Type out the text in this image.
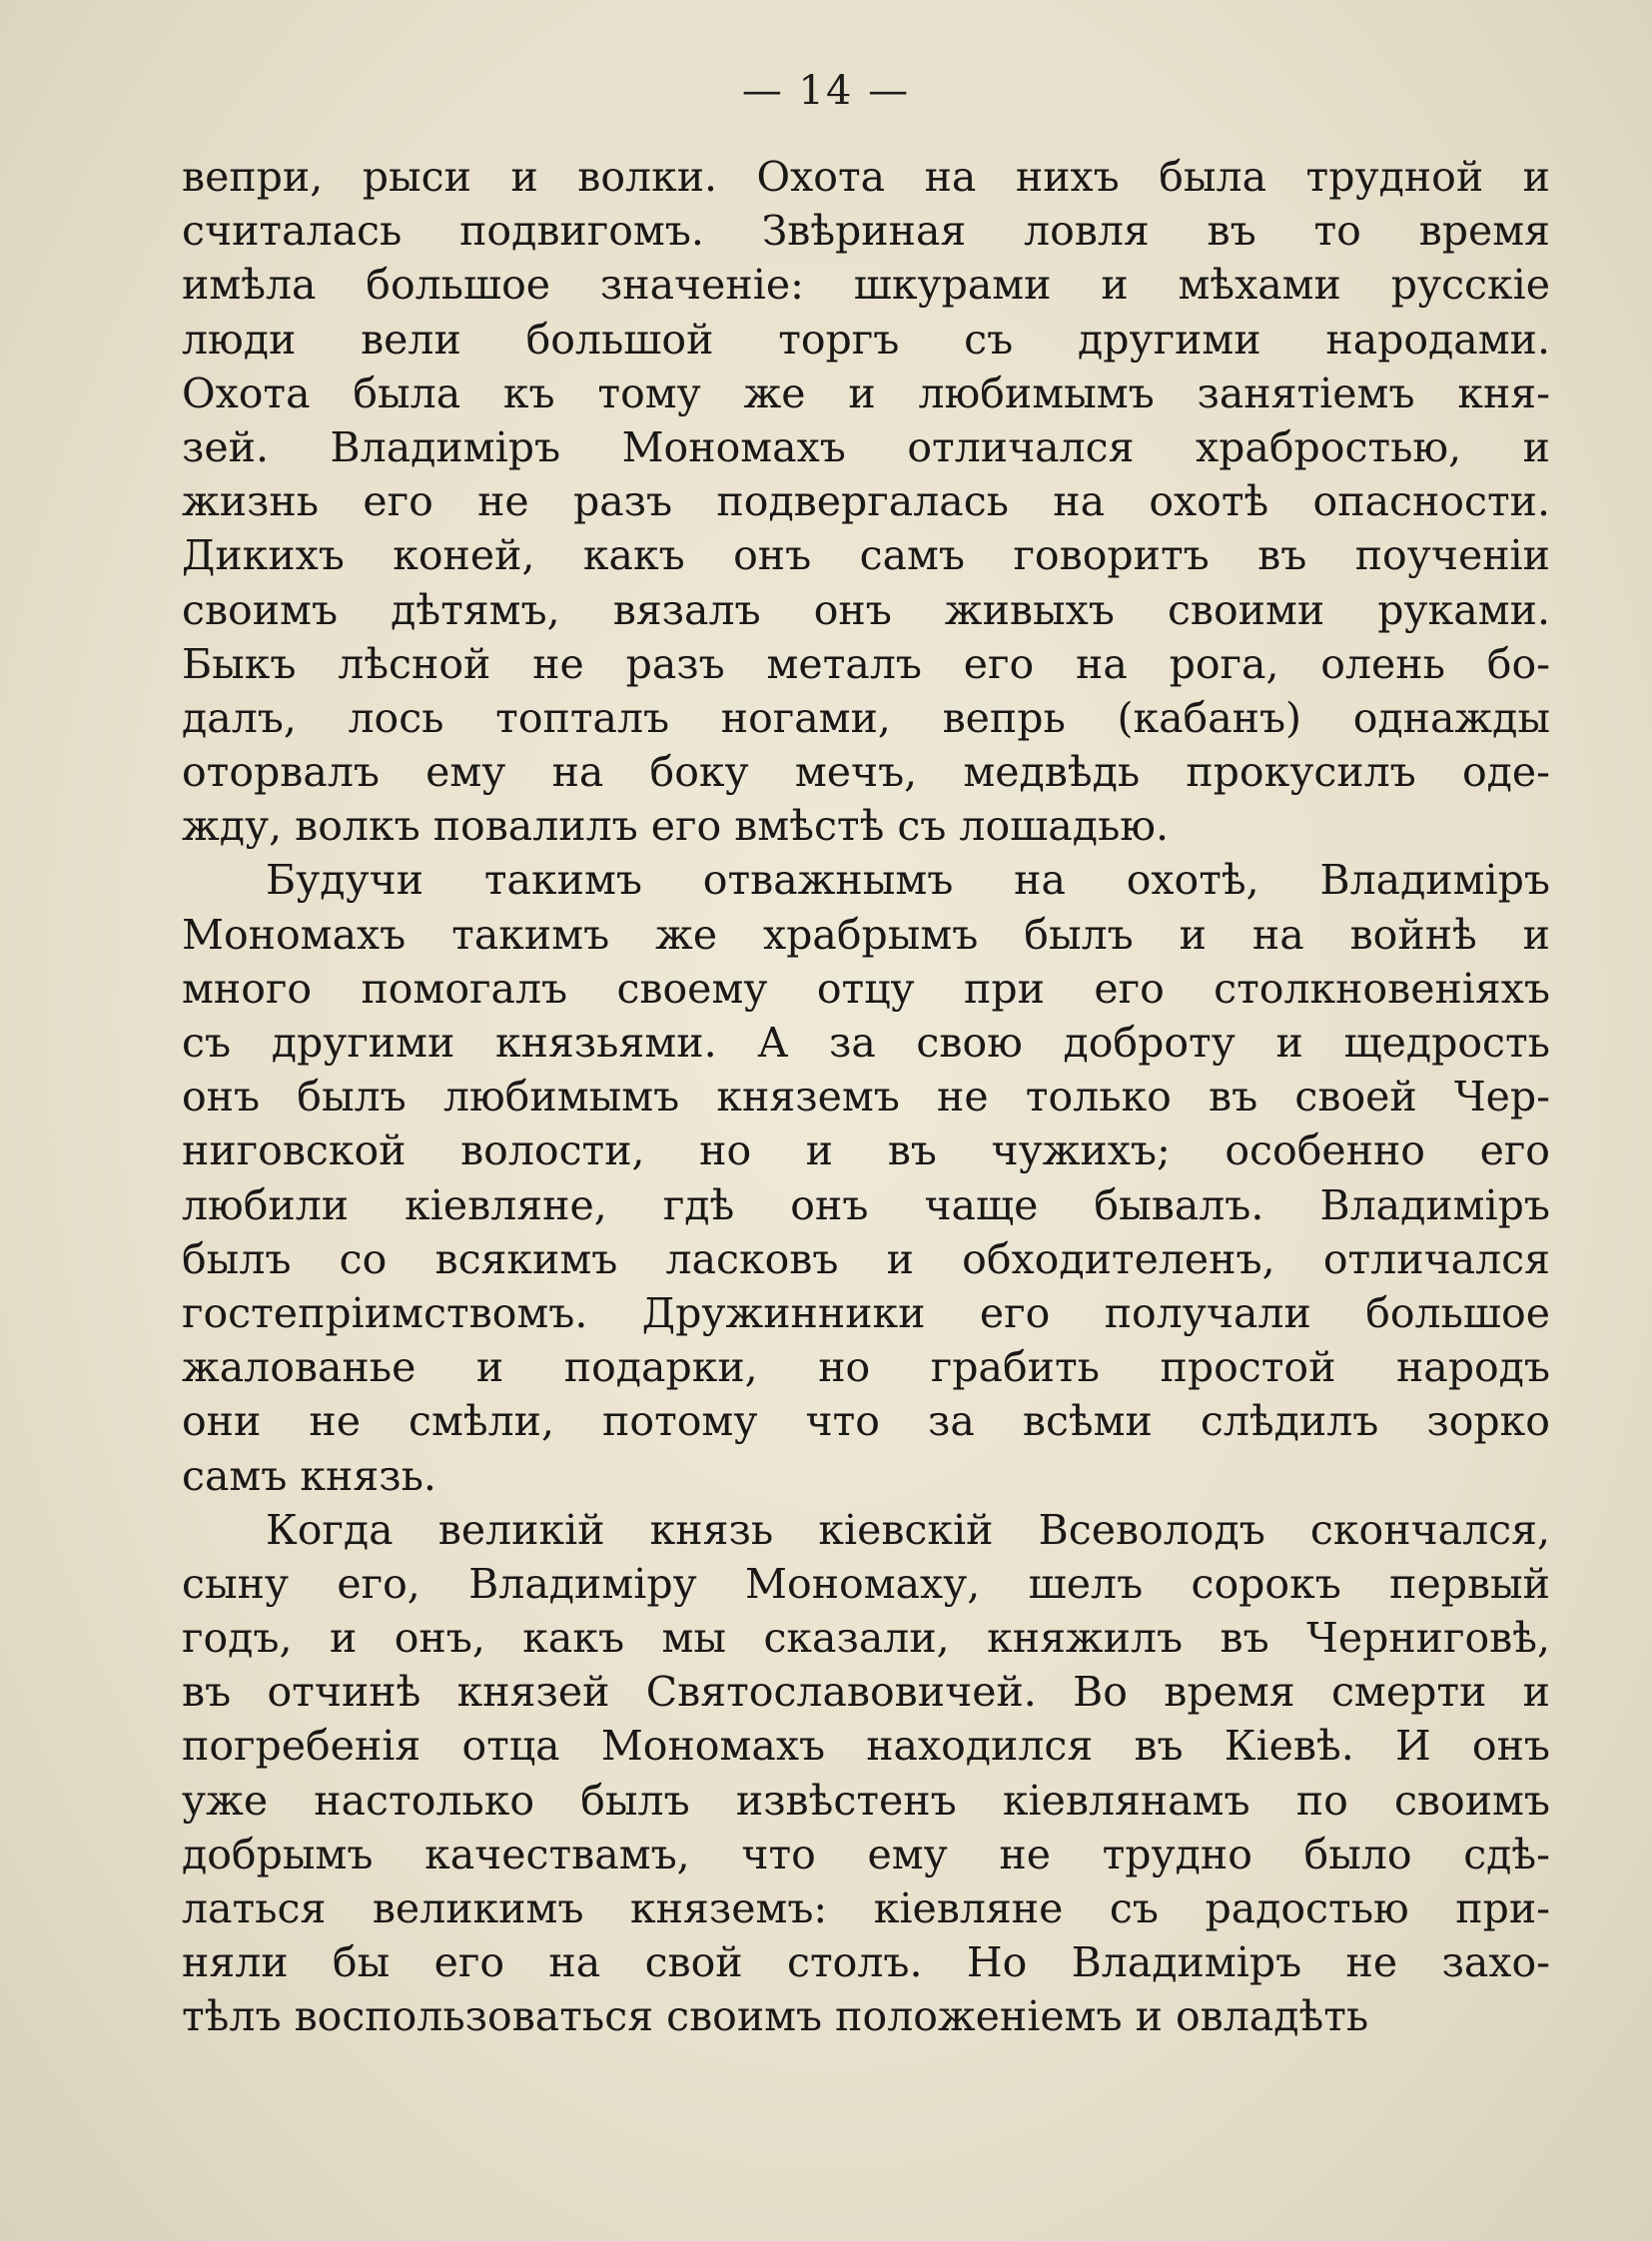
— 14 —
вепри, рыси и волки. Охота на нихъ была трудной и
считалась подвигомъ. Звѣриная ловля въ то время
имѣла большое значеніе: шкурами и мѣхами русскіе
люди вели большой торгъ съ другими народами.
Охота была къ тому же и любимымъ занятіемъ кня-
зей. Владиміръ Мономахъ отличался храбростью, и
жизнь его не разъ подвергалась на охотѣ опасности.
Дикихъ коней, какъ онъ самъ говоритъ въ поученіи
своимъ дѣтямъ, вязалъ онъ живыхъ своими руками.
Быкъ лѣсной не разъ металъ его на рога, олень бо-
далъ, лось топталъ ногами, вепрь (кабанъ) однажды
оторвалъ ему на боку мечъ, медвѣдь прокусилъ оде-
жду, волкъ повалилъ его вмѣстѣ съ лошадью.
Будучи такимъ отважнымъ на охотѣ, Владиміръ
Мономахъ такимъ же храбрымъ былъ и на войнѣ и
много помогалъ своему отцу при его столкновеніяхъ
съ другими князьями. А за свою доброту и щедрость
онъ былъ любимымъ княземъ не только въ своей Чер-
ниговской волости, но и въ чужихъ; особенно его
любили кіевляне, гдѣ онъ чаще бывалъ. Владиміръ
былъ со всякимъ ласковъ и обходителенъ, отличался
гостепріимствомъ. Дружинники его получали большое
жалованье и подарки, но грабить простой народъ
они не смѣли, потому что за всѣми слѣдилъ зорко
самъ князь.
Когда великій князь кіевскій Всеволодъ скончался,
сыну его, Владиміру Мономаху, шелъ сорокъ первый
годъ, и онъ, какъ мы сказали, княжилъ въ Черниговѣ,
въ отчинѣ князей Святославовичей. Во время смерти и
погребенія отца Мономахъ находился въ Кіевѣ. И онъ
уже настолько былъ извѣстенъ кіевлянамъ по своимъ
добрымъ качествамъ, что ему не трудно было сдѣ-
латься великимъ княземъ: кіевляне съ радостью при-
няли бы его на свой столъ. Но Владиміръ не захо-
тѣлъ воспользоваться своимъ положеніемъ и овладѣть
